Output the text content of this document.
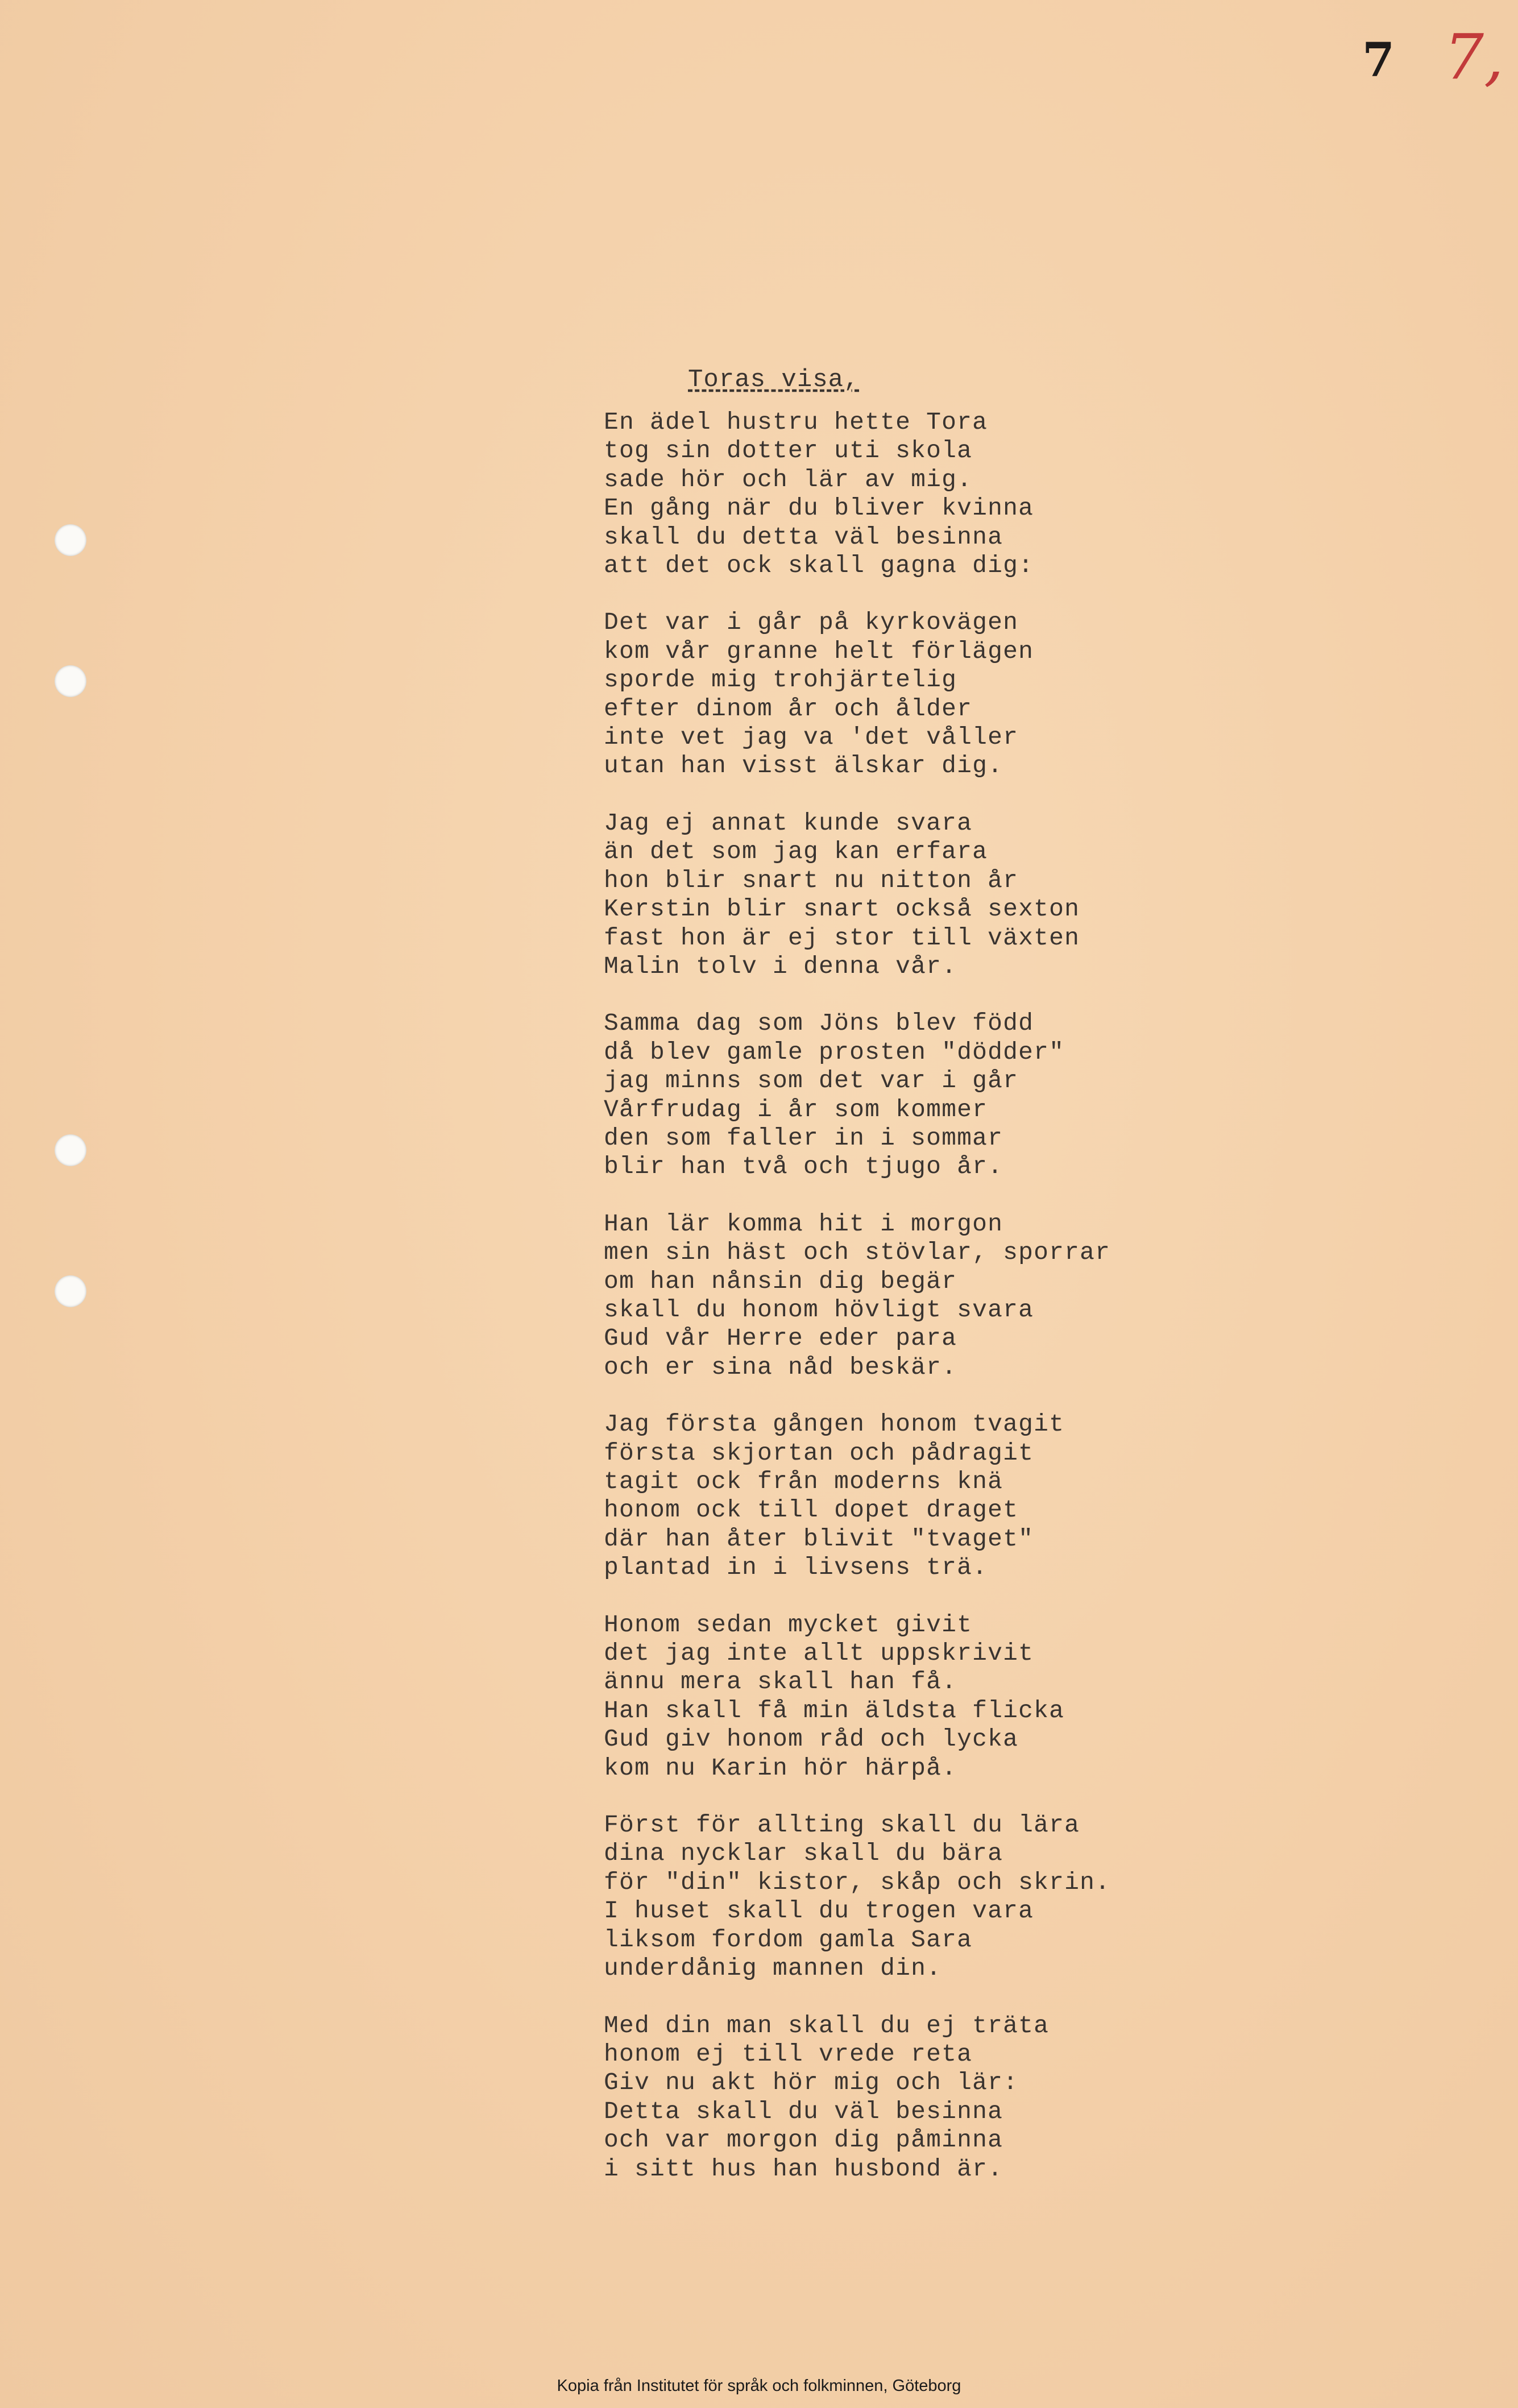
7 7,
Toras visa,
En ädel hustru hette Tora
tog sin dotter uti skola
sade hör och lär av mig.
En gång när du bliver kvinna
skall du detta väl besinna
att det ock skall gagna dig:
Det var i går på kyrkovägen
kom vår granne helt förlägen
sporde mig trohjärtelig
efter dinom år och ålder
inte vet jag va 'det våller
utan han visst älskar dig.
Jag ej annat kunde svara
än det som jag kan erfara
hon blir snart nu nitton år
Kerstin blir snart också sexton
fast hon är ej stor till växten
Malin tolv i denna vår.
Samma dag som Jöns blev född
då blev gamle prosten "dödder"
jag minns som det var i går
Vårfrudag i år som kommer
den som faller in i sommar
blir han två och tjugo år.
Han lär komma hit i morgon
men sin häst och stövlar, sporrar
om han nånsin dig begär
skall du honom hövligt svara
Gud vår Herre eder para
och er sina nåd beskär.
Jag första gången honom tvagit
första skjortan och pådragit
tagit ock från moderns knä
honom ock till dopet draget
där han åter blivit "tvaget"
plantad in i livsens trä.
Honom sedan mycket givit
det jag inte allt uppskrivit
ännu mera skall han få.
Han skall få min äldsta flicka
Gud giv honom råd och lycka
kom nu Karin hör härpå.
Först för allting skall du lära
dina nycklar skall du bära
för "din" kistor, skåp och skrin.
I huset skall du trogen vara
liksom fordom gamla Sara
underdånig mannen din.
Med din man skall du ej träta
honom ej till vrede reta
Giv nu akt hör mig och lär:
Detta skall du väl besinna
och var morgon dig påminna
i sitt hus han husbond är.
Kopia från Institutet för språk och folkminnen, Göteborg
